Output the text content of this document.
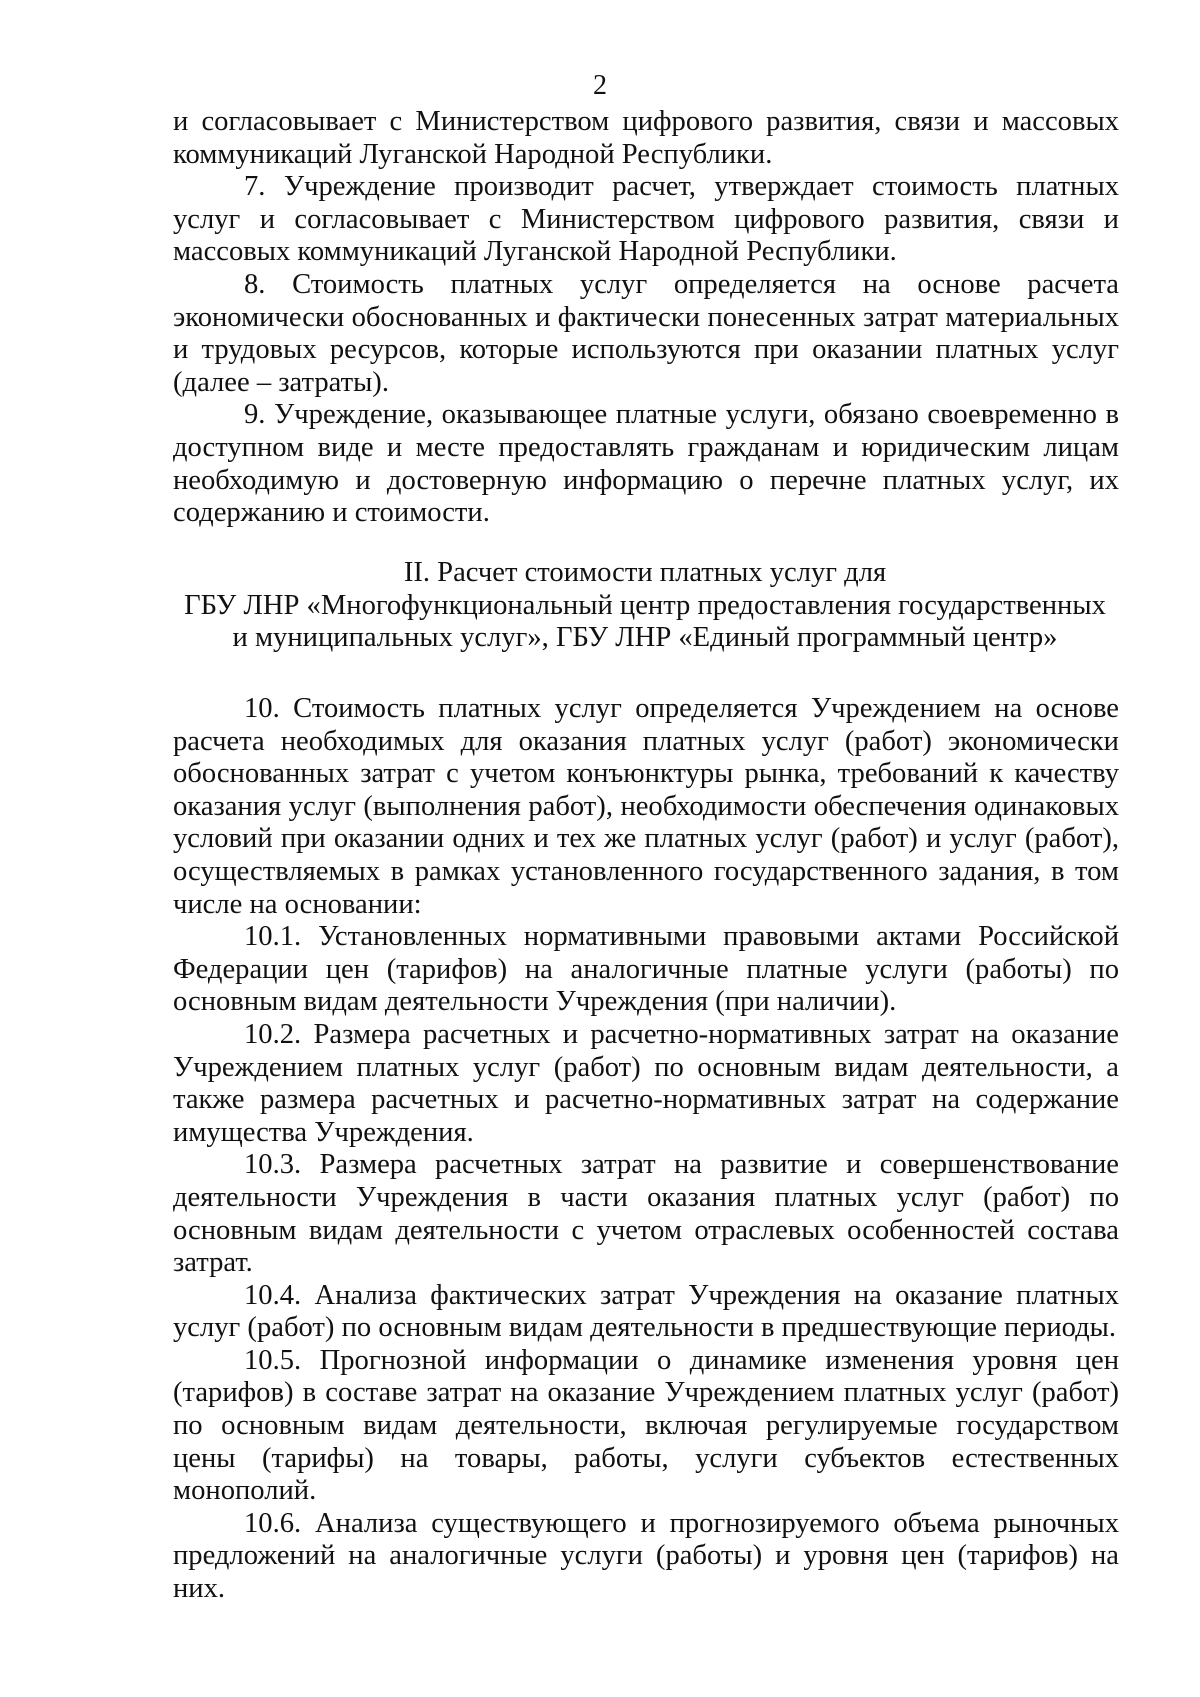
2

и согласовывает с Министерством цифрового развития, связи и массовых коммуникаций Луганской Народной Республики.

7. Учреждение производит расчет, утверждает стоимость платных услуг и согласовывает с Министерством цифрового развития, связи и массовых коммуникаций Луганской Народной Республики.

8. Стоимость платных услуг определяется на основе расчета экономически обоснованных и фактически понесенных затрат материальных и трудовых ресурсов, которые используются при оказании платных услуг (далее – затраты).

9. Учреждение, оказывающее платные услуги, обязано своевременно в доступном виде и месте предоставлять гражданам и юридическим лицам необходимую и достоверную информацию о перечне платных услуг, их содержанию и стоимости.

II. Расчет стоимости платных услуг для
ГБУ ЛНР «Многофункциональный центр предоставления государственных
и муниципальных услуг», ГБУ ЛНР «Единый программный центр»

10. Стоимость платных услуг определяется Учреждением на основе расчета необходимых для оказания платных услуг (работ) экономически обоснованных затрат с учетом конъюнктуры рынка, требований к качеству оказания услуг (выполнения работ), необходимости обеспечения одинаковых условий при оказании одних и тех же платных услуг (работ) и услуг (работ), осуществляемых в рамках установленного государственного задания, в том числе на основании:

10.1. Установленных нормативными правовыми актами Российской Федерации цен (тарифов) на аналогичные платные услуги (работы) по основным видам деятельности Учреждения (при наличии).

10.2. Размера расчетных и расчетно-нормативных затрат на оказание Учреждением платных услуг (работ) по основным видам деятельности, а также размера расчетных и расчетно-нормативных затрат на содержание имущества Учреждения.

10.3. Размера расчетных затрат на развитие и совершенствование деятельности Учреждения в части оказания платных услуг (работ) по основным видам деятельности с учетом отраслевых особенностей состава затрат.

10.4. Анализа фактических затрат Учреждения на оказание платных услуг (работ) по основным видам деятельности в предшествующие периоды.

10.5. Прогнозной информации о динамике изменения уровня цен (тарифов) в составе затрат на оказание Учреждением платных услуг (работ) по основным видам деятельности, включая регулируемые государством цены (тарифы) на товары, работы, услуги субъектов естественных монополий.

10.6. Анализа существующего и прогнозируемого объема рыночных предложений на аналогичные услуги (работы) и уровня цен (тарифов) на них.
